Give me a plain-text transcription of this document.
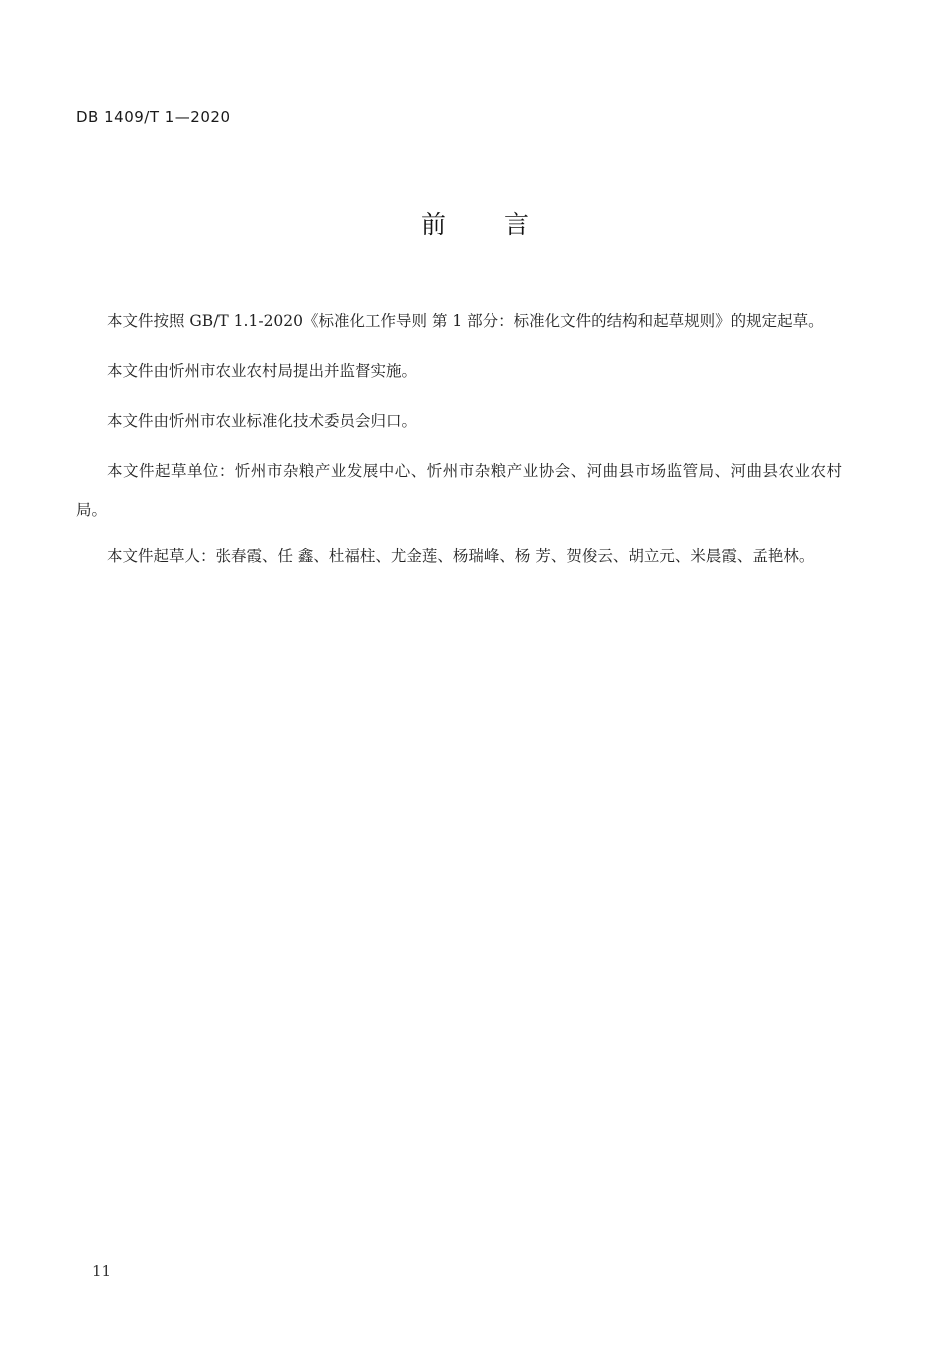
DB 1409/T 1—2020
前言

本文件按照 GB/T 1.1-2020《标准化工作导则 第 1 部分：标准化文件的结构和起草规则》的规定起草。

本文件由忻州市农业农村局提出并监督实施。

本文件由忻州市农业标准化技术委员会归口。

本文件起草单位：忻州市杂粮产业发展中心、忻州市杂粮产业协会、河曲县市场监管局、河曲县农业农村局。

本文件起草人：张春霞、任 鑫、杜福柱、尤金莲、杨瑞峰、杨 芳、贺俊云、胡立元、米晨霞、孟艳林。

11
